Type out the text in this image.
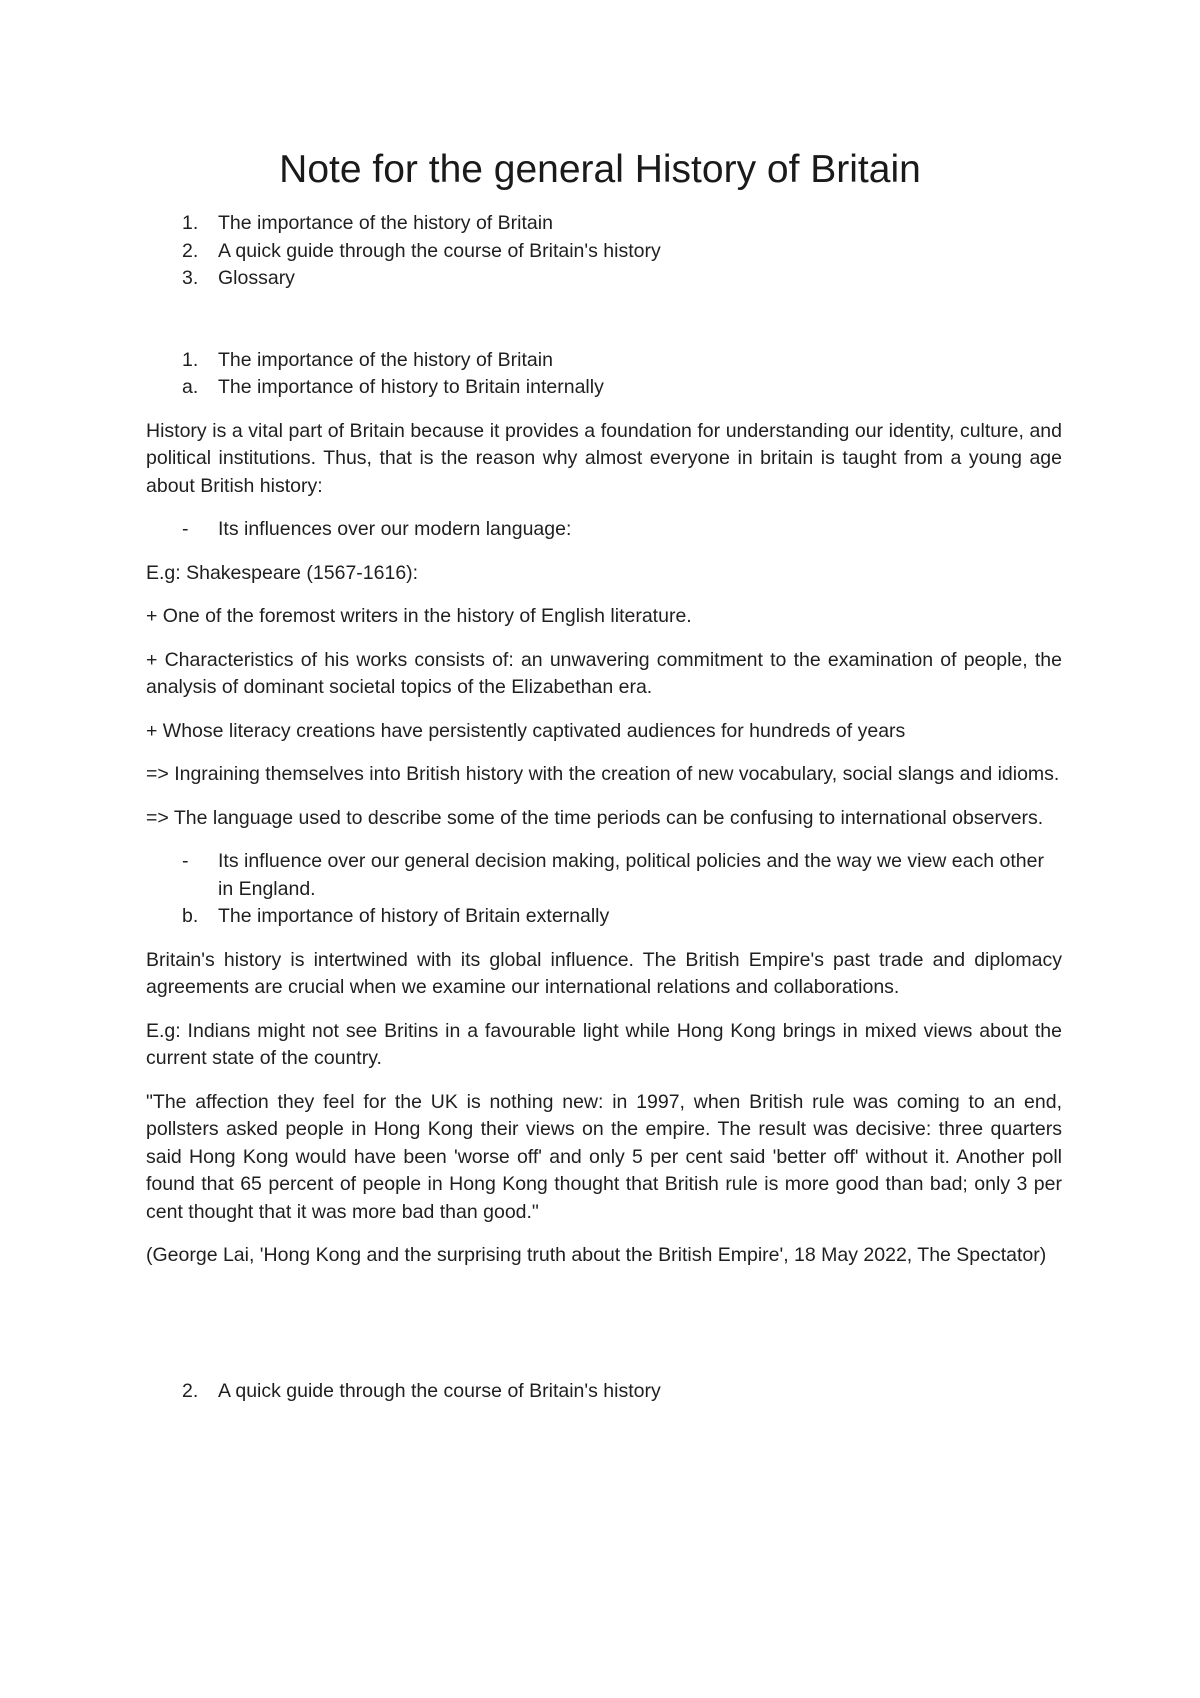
Note for the general History of Britain
1.	The importance of the history of Britain
2.	A quick guide through the course of Britain's history
3.	Glossary
1.	The importance of the history of Britain
a.	The importance of history to Britain internally

History is a vital part of Britain because it provides a foundation for understanding our identity, culture, and political institutions. Thus, that is the reason why almost everyone in britain is taught from a young age about British history:

-	Its influences over our modern language:

E.g: Shakespeare (1567-1616):

+ One of the foremost writers in the history of English literature.

+ Characteristics of his works consists of: an unwavering commitment to the examination of people, the analysis of dominant societal topics of the Elizabethan era.

+ Whose literacy creations have persistently captivated audiences for hundreds of years

=> Ingraining themselves into British history with the creation of new vocabulary, social slangs and idioms.

=> The language used to describe some of the time periods can be confusing to international observers.

-	Its influence over our general decision making, political policies and the way we view each other in England.
b.	The importance of history of Britain externally

Britain's history is intertwined with its global influence. The British Empire's past trade and diplomacy agreements are crucial when we examine our international relations and collaborations.

E.g: Indians might not see Britins in a favourable light while Hong Kong brings in mixed views about the current state of the country.

"The affection they feel for the UK is nothing new: in 1997, when British rule was coming to an end, pollsters asked people in Hong Kong their views on the empire. The result was decisive: three quarters said Hong Kong would have been 'worse off' and only 5 per cent said 'better off' without it. Another poll found that 65 percent of people in Hong Kong thought that British rule is more good than bad; only 3 per cent thought that it was more bad than good."

(George Lai, 'Hong Kong and the surprising truth about the British Empire', 18 May 2022, The Spectator)

2.	A quick guide through the course of Britain's history
